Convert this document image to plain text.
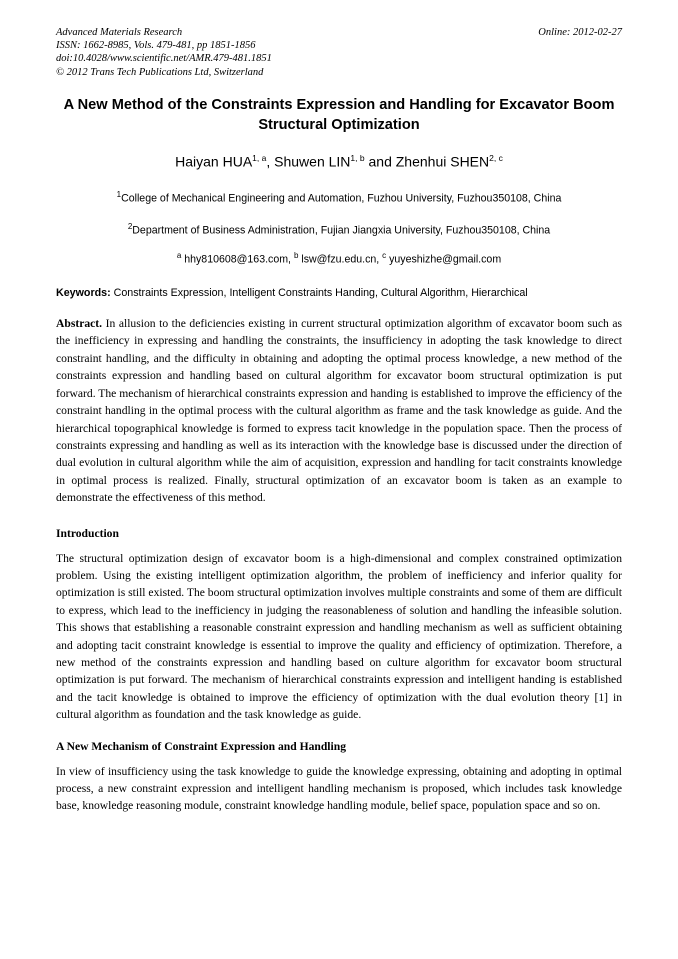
Advanced Materials Research
ISSN: 1662-8985, Vols. 479-481, pp 1851-1856
doi:10.4028/www.scientific.net/AMR.479-481.1851
© 2012 Trans Tech Publications Ltd, Switzerland
Online: 2012-02-27
A New Method of the Constraints Expression and Handling for Excavator Boom Structural Optimization
Haiyan HUA$^{1, a}$, Shuwen LIN$^{1, b}$ and Zhenhui SHEN$^{2, c}$
$^1$College of Mechanical Engineering and Automation, Fuzhou University, Fuzhou350108, China
$^2$Department of Business Administration, Fujian Jiangxia University, Fuzhou350108, China
$^a$ hhy810608@163.com, $^b$ lsw@fzu.edu.cn, $^c$ yuyeshizhe@gmail.com
Keywords: Constraints Expression, Intelligent Constraints Handing, Cultural Algorithm, Hierarchical
Abstract. In allusion to the deficiencies existing in current structural optimization algorithm of excavator boom such as the inefficiency in expressing and handling the constraints, the insufficiency in adopting the task knowledge to direct constraint handling, and the difficulty in obtaining and adopting the optimal process knowledge, a new method of the constraints expression and handling based on cultural algorithm for excavator boom structural optimization is put forward. The mechanism of hierarchical constraints expression and handing is established to improve the efficiency of the constraint handling in the optimal process with the cultural algorithm as frame and the task knowledge as guide. And the hierarchical topographical knowledge is formed to express tacit knowledge in the population space. Then the process of constraints expressing and handling as well as its interaction with the knowledge base is discussed under the direction of dual evolution in cultural algorithm while the aim of acquisition, expression and handling for tacit constraints knowledge in optimal process is realized. Finally, structural optimization of an excavator boom is taken as an example to demonstrate the effectiveness of this method.
Introduction
The structural optimization design of excavator boom is a high-dimensional and complex constrained optimization problem. Using the existing intelligent optimization algorithm, the problem of inefficiency and inferior quality for optimization is still existed. The boom structural optimization involves multiple constraints and some of them are difficult to express, which lead to the inefficiency in judging the reasonableness of solution and handling the infeasible solution. This shows that establishing a reasonable constraint expression and handling mechanism as well as sufficient obtaining and adopting tacit constraint knowledge is essential to improve the quality and efficiency of optimization. Therefore, a new method of the constraints expression and handling based on culture algorithm for excavator boom structural optimization is put forward. The mechanism of hierarchical constraints expression and intelligent handing is established and the tacit knowledge is obtained to improve the efficiency of optimization with the dual evolution theory [1] in cultural algorithm as foundation and the task knowledge as guide.
A New Mechanism of Constraint Expression and Handling
In view of insufficiency using the task knowledge to guide the knowledge expressing, obtaining and adopting in optimal process, a new constraint expression and intelligent handling mechanism is proposed, which includes task knowledge base, knowledge reasoning module, constraint knowledge handling module, belief space, population space and so on.
